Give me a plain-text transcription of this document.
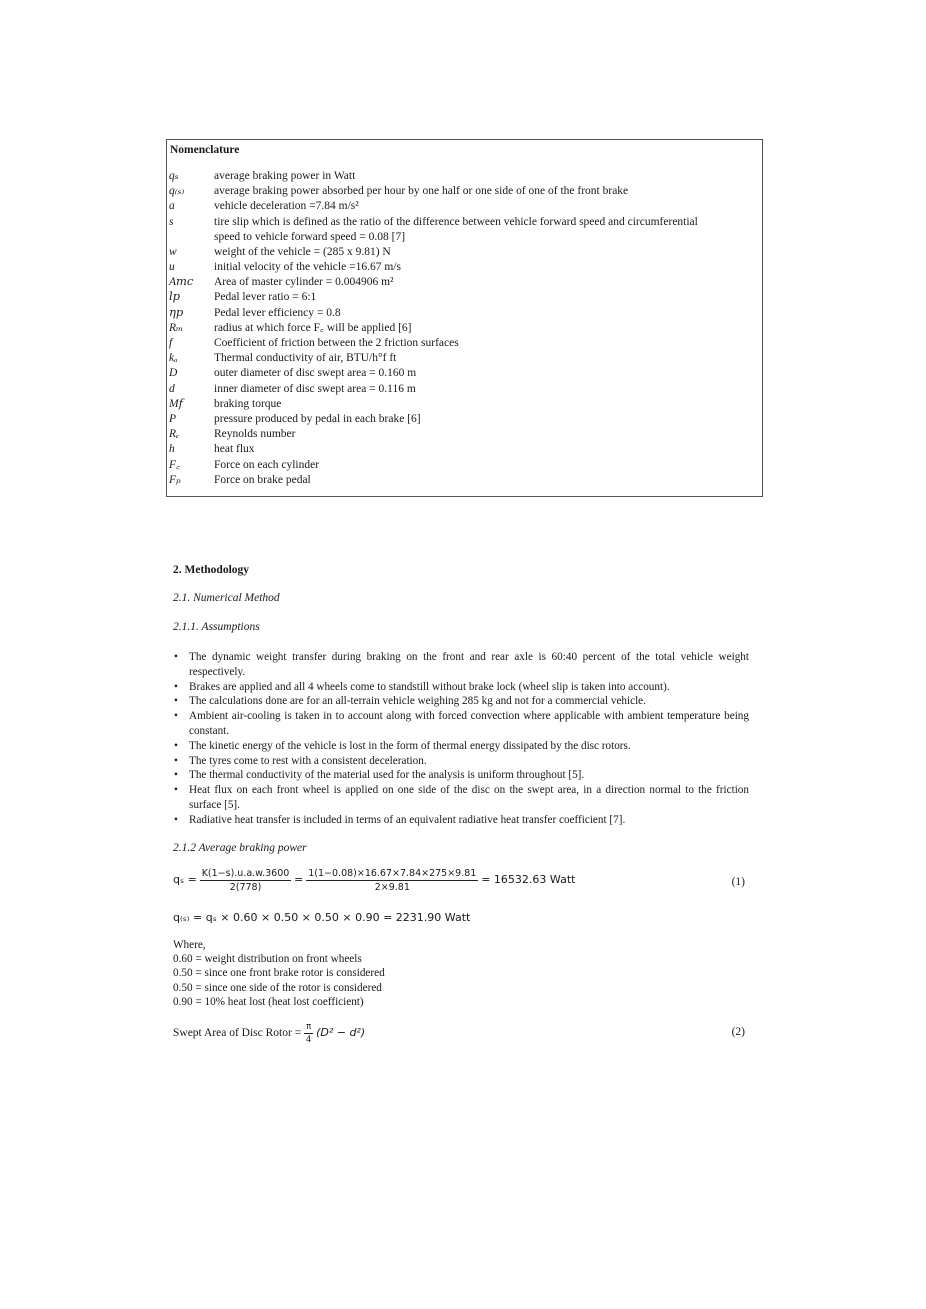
Nomenclature
qₛ	average braking power in Watt
q₍ₛ₎	average braking power absorbed per hour by one half or one side of one of the front brake
a	vehicle deceleration =7.84 m/s²
s	tire slip which is defined as the ratio of the difference between vehicle forward speed and circumferential
speed to vehicle forward speed = 0.08 [7]
w	weight of the vehicle = (285 x 9.81) N
u	initial velocity of the vehicle =16.67 m/s
A𝑚𝑐 Area of master cylinder = 0.004906 m²
𝑙𝑝	Pedal lever ratio = 6:1
𝜂𝑝	Pedal lever efficiency = 0.8
Rₘ	radius at which force F꜀ will be applied [6]
f	Coefficient of friction between the 2 friction surfaces
kₐ	Thermal conductivity of air, BTU/h°f ft
D	outer diameter of disc swept area = 0.160 m
d	inner diameter of disc swept area = 0.116 m
M𝑓	braking torque
P	pressure produced by pedal in each brake [6]
Rₑ	Reynolds number
h	heat flux
F꜀	Force on each cylinder
Fₚ	Force on brake pedal
2. Methodology
2.1. Numerical Method
2.1.1. Assumptions
• The dynamic weight transfer during braking on the front and rear axle is 60:40 percent of the total vehicle weight respectively.
• Brakes are applied and all 4 wheels come to standstill without brake lock (wheel slip is taken into account).
• The calculations done are for an all-terrain vehicle weighing 285 kg and not for a commercial vehicle.
• Ambient air-cooling is taken in to account along with forced convection where applicable with ambient temperature being constant.
• The kinetic energy of the vehicle is lost in the form of thermal energy dissipated by the disc rotors.
• The tyres come to rest with a consistent deceleration.
• The thermal conductivity of the material used for the analysis is uniform throughout [5].
• Heat flux on each front wheel is applied on one side of the disc on the swept area, in a direction normal to the friction surface [5].
• Radiative heat transfer is included in terms of an equivalent radiative heat transfer coefficient [7].
2.1.2 Average braking power
$q_s = \frac{K(1-s).u.a.w.3600}{2(778)} = \frac{1(1-0.08)\times 16.67\times 7.84\times 275\times 9.81}{2\times 9.81} = 16532.63$ Watt	(1)
q₍ₛ₎ = qₛ × 0.60 × 0.50 × 0.50 × 0.90 = 2231.90 Watt
Where,
0.60 = weight distribution on front wheels
0.50 = since one front brake rotor is considered
0.50 = since one side of the rotor is considered
0.90 = 10% heat lost (heat lost coefficient)
Swept Area of Disc Rotor = $\frac{\pi}{4} (D^2 - d^2)$	(2)
